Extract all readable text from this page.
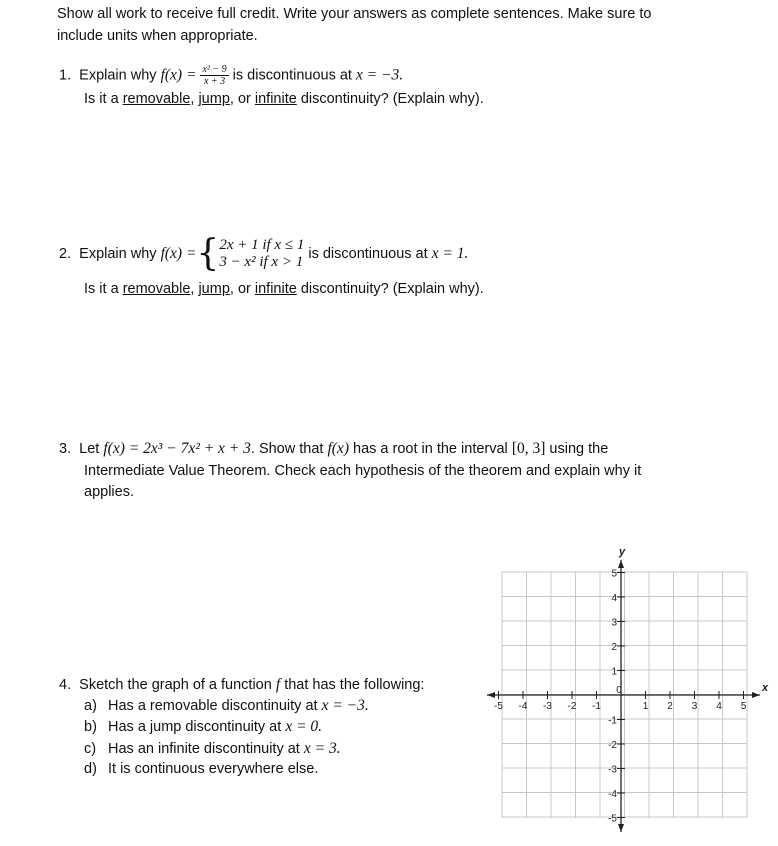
Show all work to receive full credit. Write your answers as complete sentences. Make sure to
include units when appropriate.
1. Explain why $f(x) = \frac{\text{x² − 9}}{x + 3}$ is discontinuous at x = −3.
Is it a removable, jump, or infinite discontinuity? (Explain why).
2. Explain why f(x) ={ 2x + 1 if x ≤ 1
3 − x² if x > 1 is discontinuous at x = 1.
Is it a removable, jump, or infinite discontinuity? (Explain why).
3. Let f(x) = 2x³ − 7x² + x + 3. Show that f(x) has a root in the interval [0, 3] using the
Intermediate Value Theorem. Check each hypothesis of the theorem and explain why it
applies.
4. Sketch the graph of a function f that has the following:
a) Has a removable discontinuity at x = −3.
b) Has a jump discontinuity at x = 0.
c) Has an infinite discontinuity at x = 3.
d) It is continuous everywhere else.
x
y
-5 -4 -3 -2 -1
0
1 2 3 4 5
5
4
3
2
1
-1
-2
-3
-4
-5
